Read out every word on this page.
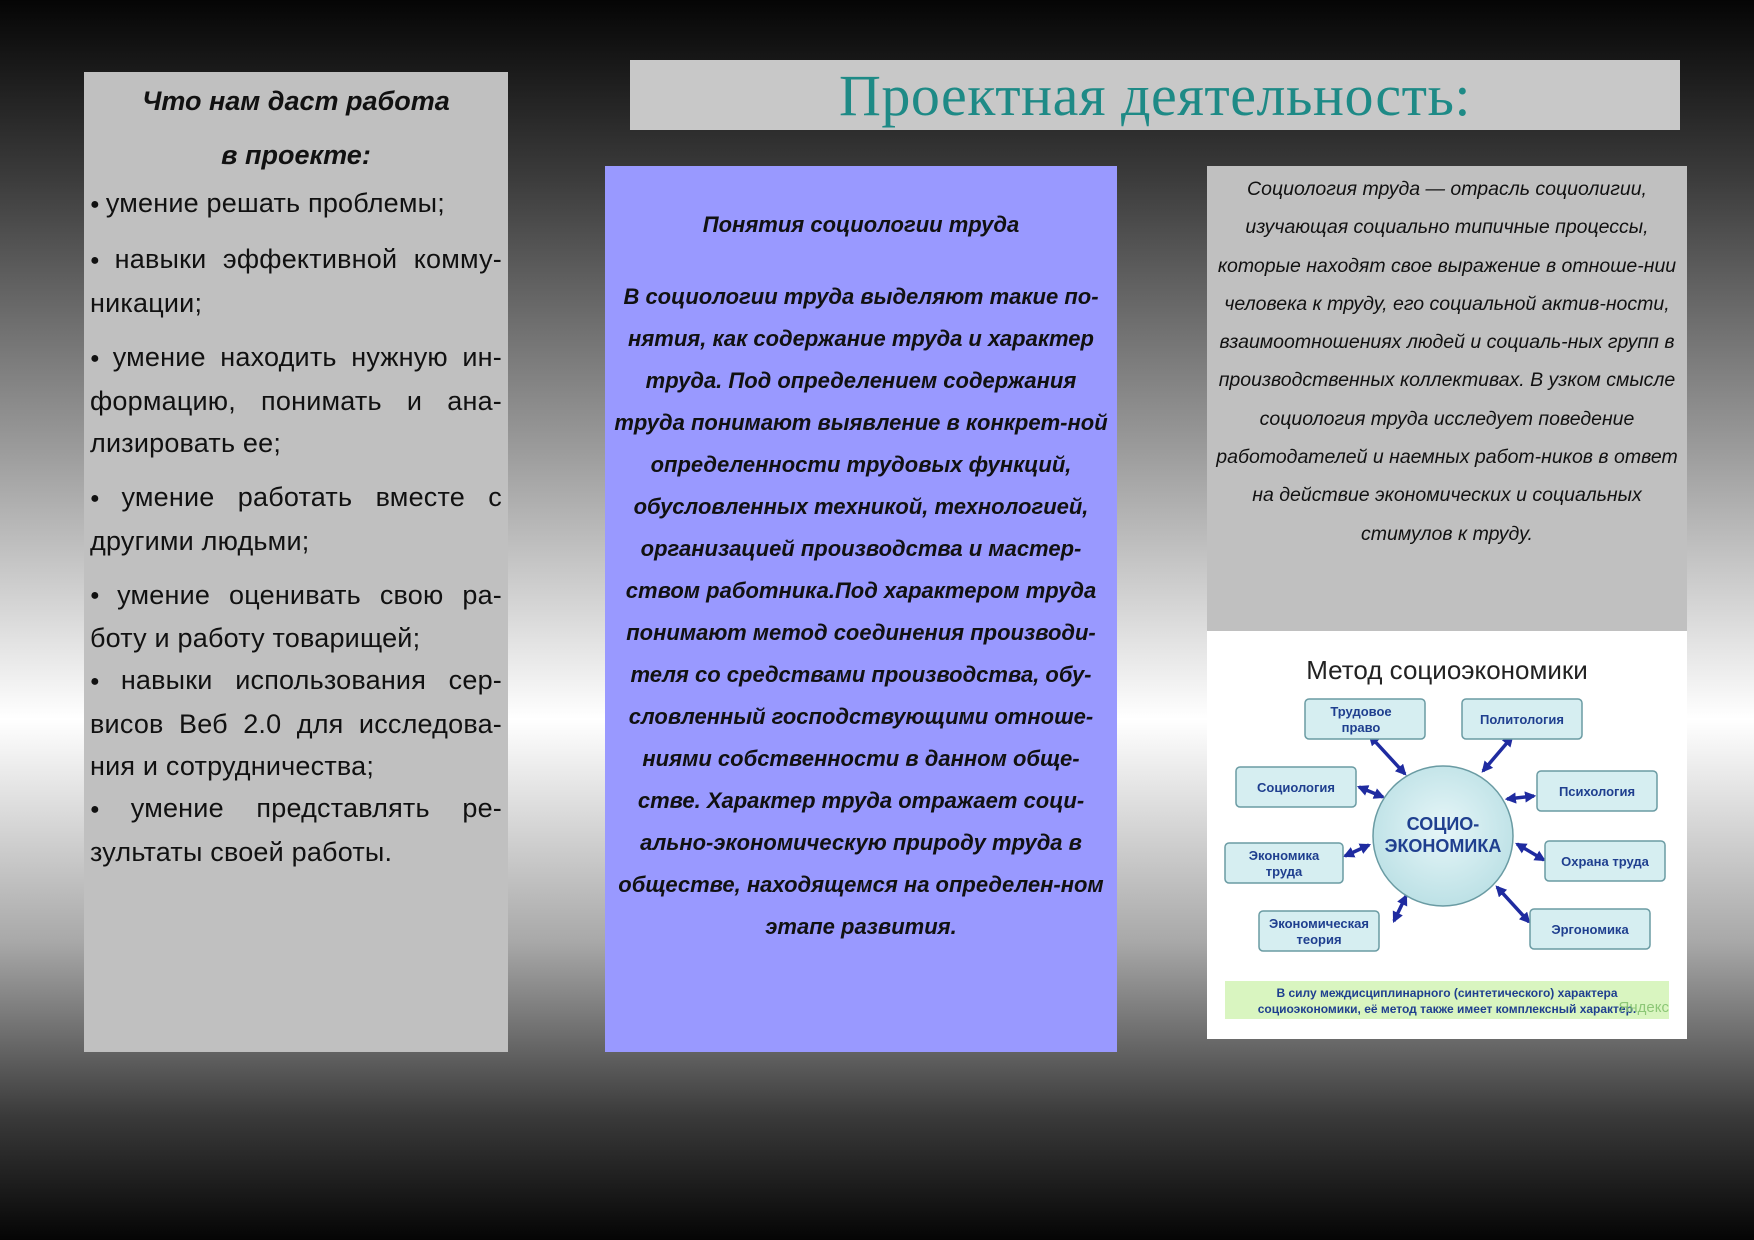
Что нам даст работа
в проекте:
● умение решать проблемы;
● навыки эффективной комму-никации;
● умение находить нужную ин-формацию, понимать и ана-лизировать ее;
● умение работать вместе с другими людьми;
● умение оценивать свою ра-боту и работу товарищей;
● навыки использования сер-висов Веб 2.0 для исследова-ния и сотрудничества;
● умение представлять ре-зультаты своей работы.
Проектная деятельность:
Понятия социологии труда
В социологии труда выделяют такие по-нятия, как содержание труда и характер труда. Под определением содержания труда понимают выявление в конкрет-ной определенности трудовых функций, обусловленных техникой, технологией, организацией производства и мастер-ством работника.Под характером труда понимают метод соединения производи-теля со средствами производства, обу-словленный господствующими отноше-ниями собственности в данном обще-стве. Характер труда отражает соци-ально-экономическую природу труда в обществе, находящемся на определен-ном этапе развития.
Социология труда — отрасль социолигии, изучающая социально типичные процессы, которые находят свое выражение в отноше-нии человека к труду, его социальной актив-ности, взаимоотношениях людей и социаль-ных групп в производственных коллективах. В узком смысле социология труда исследует поведение работодателей и наемных работ-ников в ответ на действие экономических и социальных стимулов к труду.
Метод социоэкономики
СОЦИО-
ЭКОНОМИКА
Трудовое
право
Политология
Социология	Психология
Экономика
труда
Охрана труда
Экономическая
теория
Эргономика
В силу междисциплинарного (синтетического) характера
социоэкономики, её метод также имеет комплексный характер.
Яндекс
